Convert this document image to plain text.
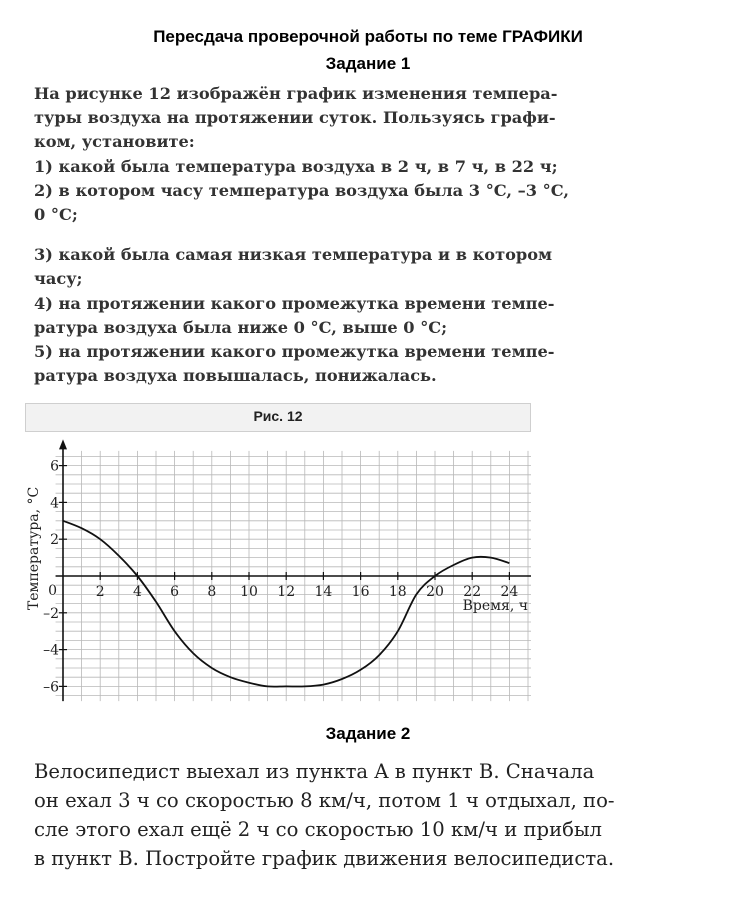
Пересдача проверочной работы по теме ГРАФИКИ
Задание 1
На рисунке 12 изображён график изменения темпера-
туры воздуха на протяжении суток. Пользуясь графи-
ком, установите:
1) какой была температура воздуха в 2 ч, в 7 ч, в 22 ч;
2) в котором часу температура воздуха была 3 °C, –3 °C,
0 °C;
3) какой была самая низкая температура и в котором
часу;
4) на протяжении какого промежутка времени темпе-
ратура воздуха была ниже 0 °C, выше 0 °C;
5) на протяжении какого промежутка времени темпе-
ратура воздуха повышалась, понижалась.
Рис. 12
2 4 6 8 10 12 14 16 18 20 22 24
6
4
2
–2
–4
–6
0
Время, ч
Температура, °C
Задание 2
Велосипедист выехал из пункта A в пункт B. Сначала
он ехал 3 ч со скоростью 8 км/ч, потом 1 ч отдыхал, по-
сле этого ехал ещё 2 ч со скоростью 10 км/ч и прибыл
в пункт B. Постройте график движения велосипедиста.
